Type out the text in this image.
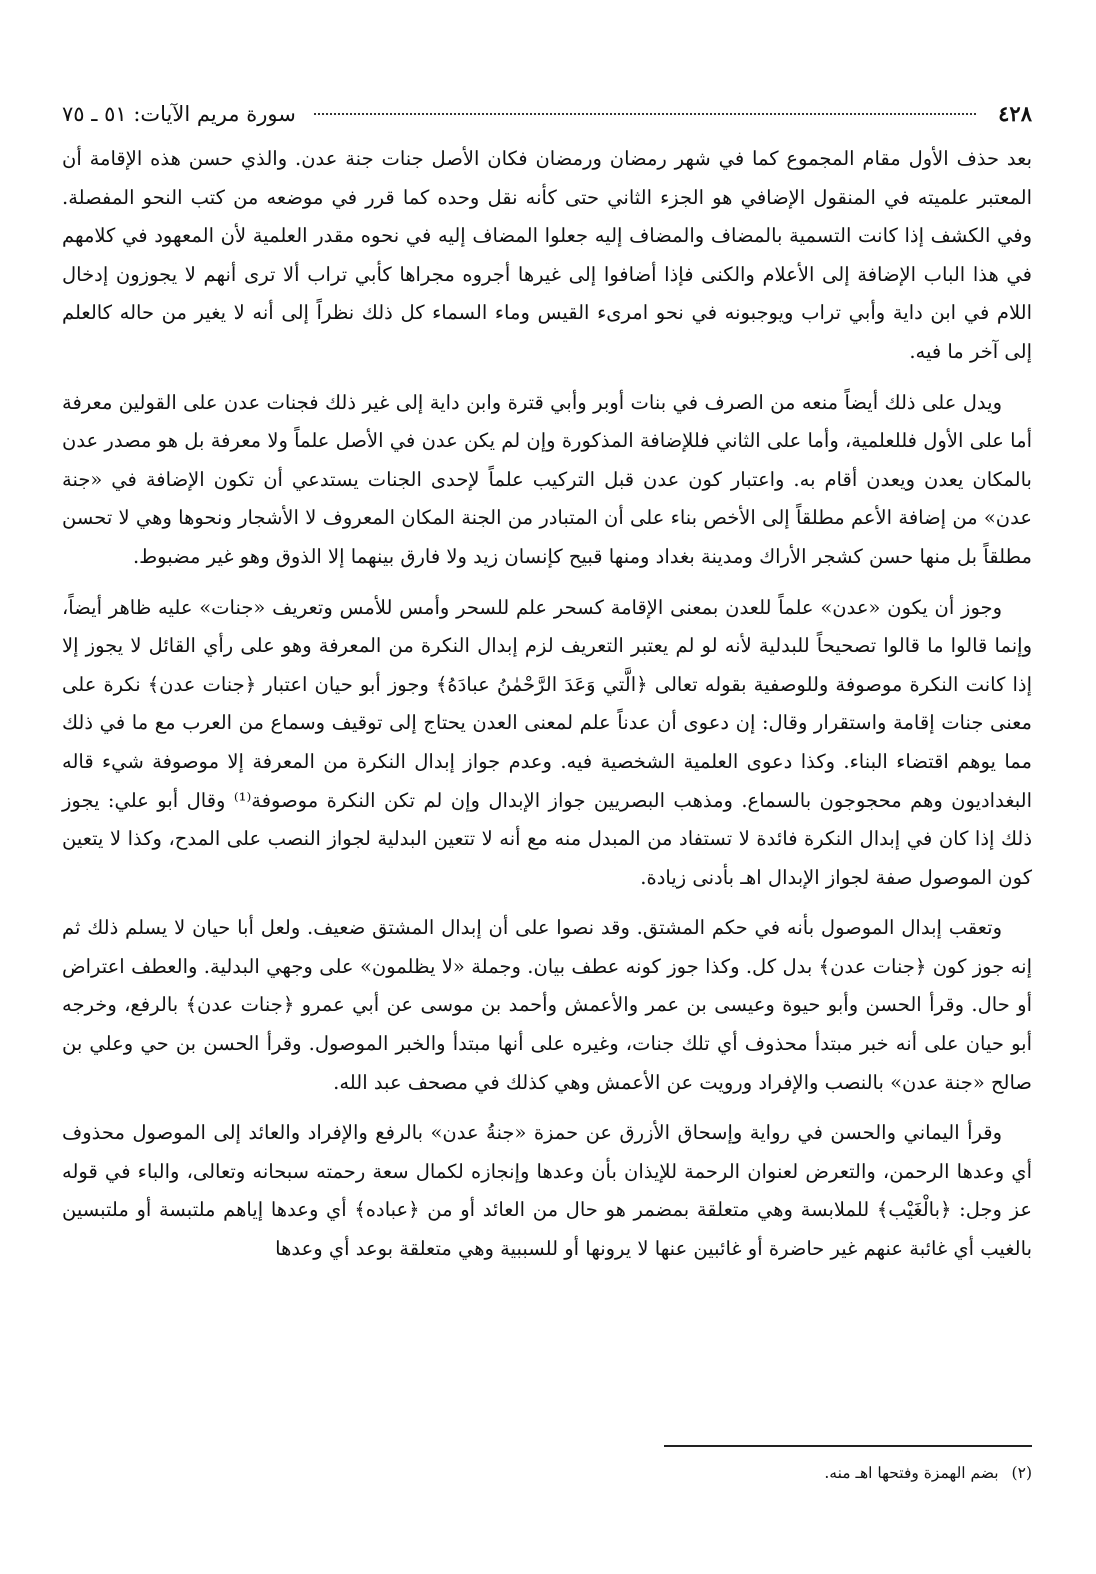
٤٢٨
سورة مريم الآيات: ٥١ ـ ٧٥

بعد حذف الأول مقام المجموع كما في شهر رمضان ورمضان فكان الأصل جنات جنة عدن. والذي حسن هذه الإقامة أن المعتبر علميته في المنقول الإضافي هو الجزء الثاني حتى كأنه نقل وحده كما قرر في موضعه من كتب النحو المفصلة. وفي الكشف إذا كانت التسمية بالمضاف والمضاف إليه جعلوا المضاف إليه في نحوه مقدر العلمية لأن المعهود في كلامهم في هذا الباب الإضافة إلى الأعلام والكنى فإذا أضافوا إلى غيرها أجروه مجراها كأبي تراب ألا ترى أنهم لا يجوزون إدخال اللام في ابن داية وأبي تراب ويوجبونه في نحو امرىء القيس وماء السماء كل ذلك نظراً إلى أنه لا يغير من حاله كالعلم إلى آخر ما فيه.

ويدل على ذلك أيضاً منعه من الصرف في بنات أوبر وأبي قترة وابن داية إلى غير ذلك فجنات عدن على القولين معرفة أما على الأول فللعلمية، وأما على الثاني فللإضافة المذكورة وإن لم يكن عدن في الأصل علماً ولا معرفة بل هو مصدر عدن بالمكان يعدن ويعدن أقام به. واعتبار كون عدن قبل التركيب علماً لإحدى الجنات يستدعي أن تكون الإضافة في «جنة عدن» من إضافة الأعم مطلقاً إلى الأخص بناء على أن المتبادر من الجنة المكان المعروف لا الأشجار ونحوها وهي لا تحسن مطلقاً بل منها حسن كشجر الأراك ومدينة بغداد ومنها قبيح كإنسان زيد ولا فارق بينهما إلا الذوق وهو غير مضبوط.

وجوز أن يكون «عدن» علماً للعدن بمعنى الإقامة كسحر علم للسحر وأمس للأمس وتعريف «جنات» عليه ظاهر أيضاً، وإنما قالوا ما قالوا تصحيحاً للبدلية لأنه لو لم يعتبر التعريف لزم إبدال النكرة من المعرفة وهو على رأي القائل لا يجوز إلا إذا كانت النكرة موصوفة وللوصفية بقوله تعالى ﴿الَّتي وَعَدَ الرَّحْمٰنُ عبادَهُ﴾ وجوز أبو حيان اعتبار ﴿جنات عدن﴾ نكرة على معنى جنات إقامة واستقرار وقال: إن دعوى أن عدناً علم لمعنى العدن يحتاج إلى توقيف وسماع من العرب مع ما في ذلك مما يوهم اقتضاء البناء. وكذا دعوى العلمية الشخصية فيه. وعدم جواز إبدال النكرة من المعرفة إلا موصوفة شيء قاله البغداديون وهم محجوجون بالسماع. ومذهب البصريين جواز الإبدال وإن لم تكن النكرة موصوفة⁽¹⁾ وقال أبو علي: يجوز ذلك إذا كان في إبدال النكرة فائدة لا تستفاد من المبدل منه مع أنه لا تتعين البدلية لجواز النصب على المدح، وكذا لا يتعين كون الموصول صفة لجواز الإبدال اهـ بأدنى زيادة.

وتعقب إبدال الموصول بأنه في حكم المشتق. وقد نصوا على أن إبدال المشتق ضعيف. ولعل أبا حيان لا يسلم ذلك ثم إنه جوز كون ﴿جنات عدن﴾ بدل كل. وكذا جوز كونه عطف بيان. وجملة «لا يظلمون» على وجهي البدلية. والعطف اعتراض أو حال. وقرأ الحسن وأبو حيوة وعيسى بن عمر والأعمش وأحمد بن موسى عن أبي عمرو ﴿جنات عدن﴾ بالرفع، وخرجه أبو حيان على أنه خبر مبتدأ محذوف أي تلك جنات، وغيره على أنها مبتدأ والخبر الموصول. وقرأ الحسن بن حي وعلي بن صالح «جنة عدن» بالنصب والإفراد ورويت عن الأعمش وهي كذلك في مصحف عبد الله.

وقرأ اليماني والحسن في رواية وإسحاق الأزرق عن حمزة «جنةُ عدن» بالرفع والإفراد والعائد إلى الموصول محذوف أي وعدها الرحمن، والتعرض لعنوان الرحمة للإيذان بأن وعدها وإنجازه لكمال سعة رحمته سبحانه وتعالى، والباء في قوله عز وجل: ﴿بالْغَيْب﴾ للملابسة وهي متعلقة بمضمر هو حال من العائد أو من ﴿عباده﴾ أي وعدها إياهم ملتبسة أو ملتبسين بالغيب أي غائبة عنهم غير حاضرة أو غائبين عنها لا يرونها أو للسببية وهي متعلقة بوعد أي وعدها

(٢) بضم الهمزة وفتحها اهـ منه.
